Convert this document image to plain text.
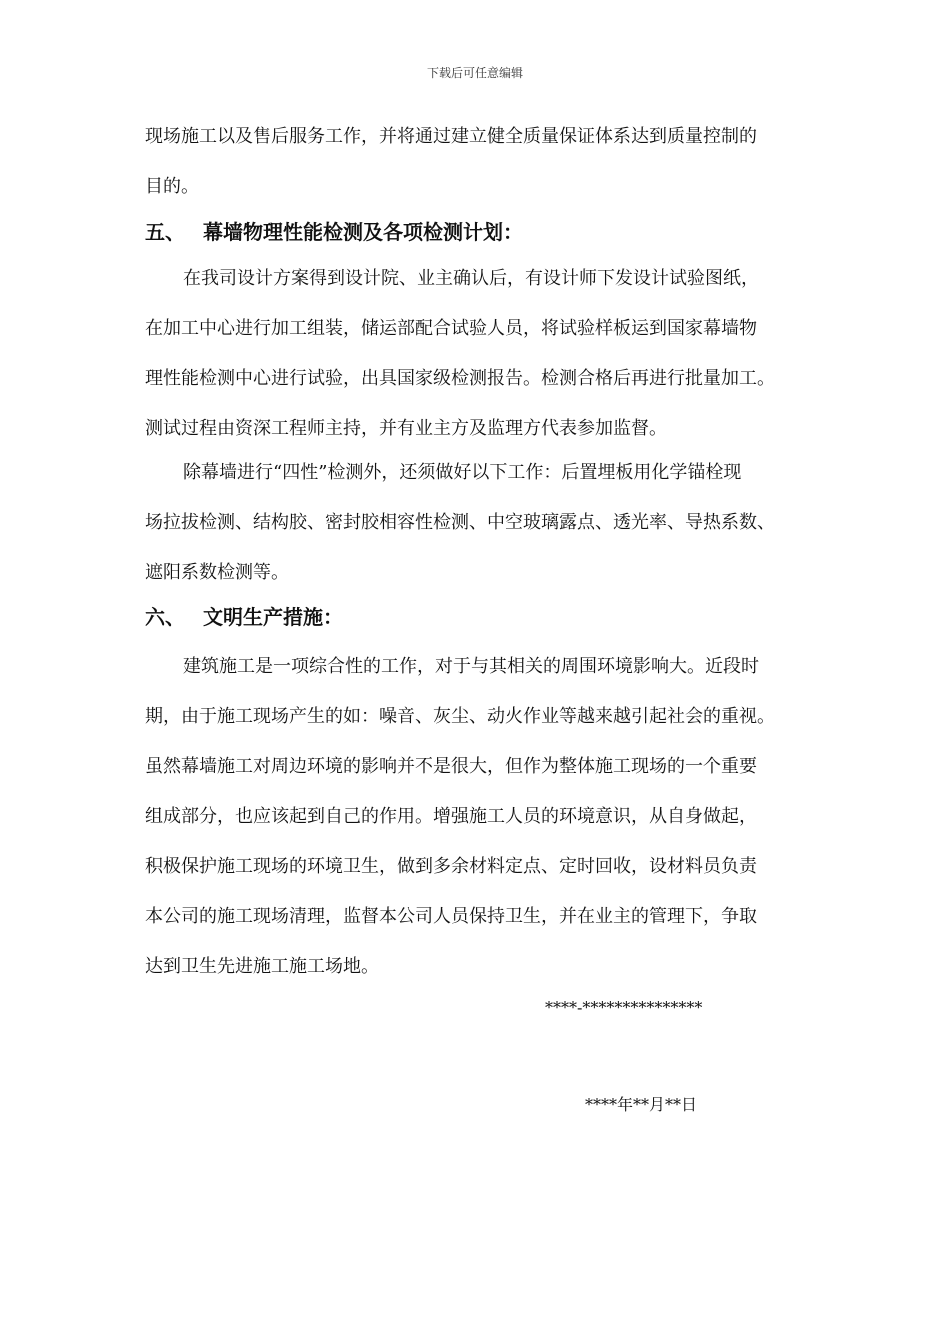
下载后可任意编辑
现场施工以及售后服务工作，并将通过建立健全质量保证体系达到质量控制的
目的。
五、 幕墙物理性能检测及各项检测计划：
在我司设计方案得到设计院、业主确认后，有设计师下发设计试验图纸，
在加工中心进行加工组装，储运部配合试验人员，将试验样板运到国家幕墙物
理性能检测中心进行试验，出具国家级检测报告。检测合格后再进行批量加工。
测试过程由资深工程师主持，并有业主方及监理方代表参加监督。
除幕墙进行“四性”检测外，还须做好以下工作：后置埋板用化学锚栓现
场拉拔检测、结构胶、密封胶相容性检测、中空玻璃露点、透光率、导热系数、
遮阳系数检测等。
六、 文明生产措施：
建筑施工是一项综合性的工作，对于与其相关的周围环境影响大。近段时
期，由于施工现场产生的如：噪音、灰尘、动火作业等越来越引起社会的重视。
虽然幕墙施工对周边环境的影响并不是很大，但作为整体施工现场的一个重要
组成部分，也应该起到自己的作用。增强施工人员的环境意识，从自身做起，
积极保护施工现场的环境卫生，做到多余材料定点、定时回收，设材料员负责
本公司的施工现场清理，监督本公司人员保持卫生，并在业主的管理下，争取
达到卫生先进施工施工场地。
****-***************
****年**月**日
